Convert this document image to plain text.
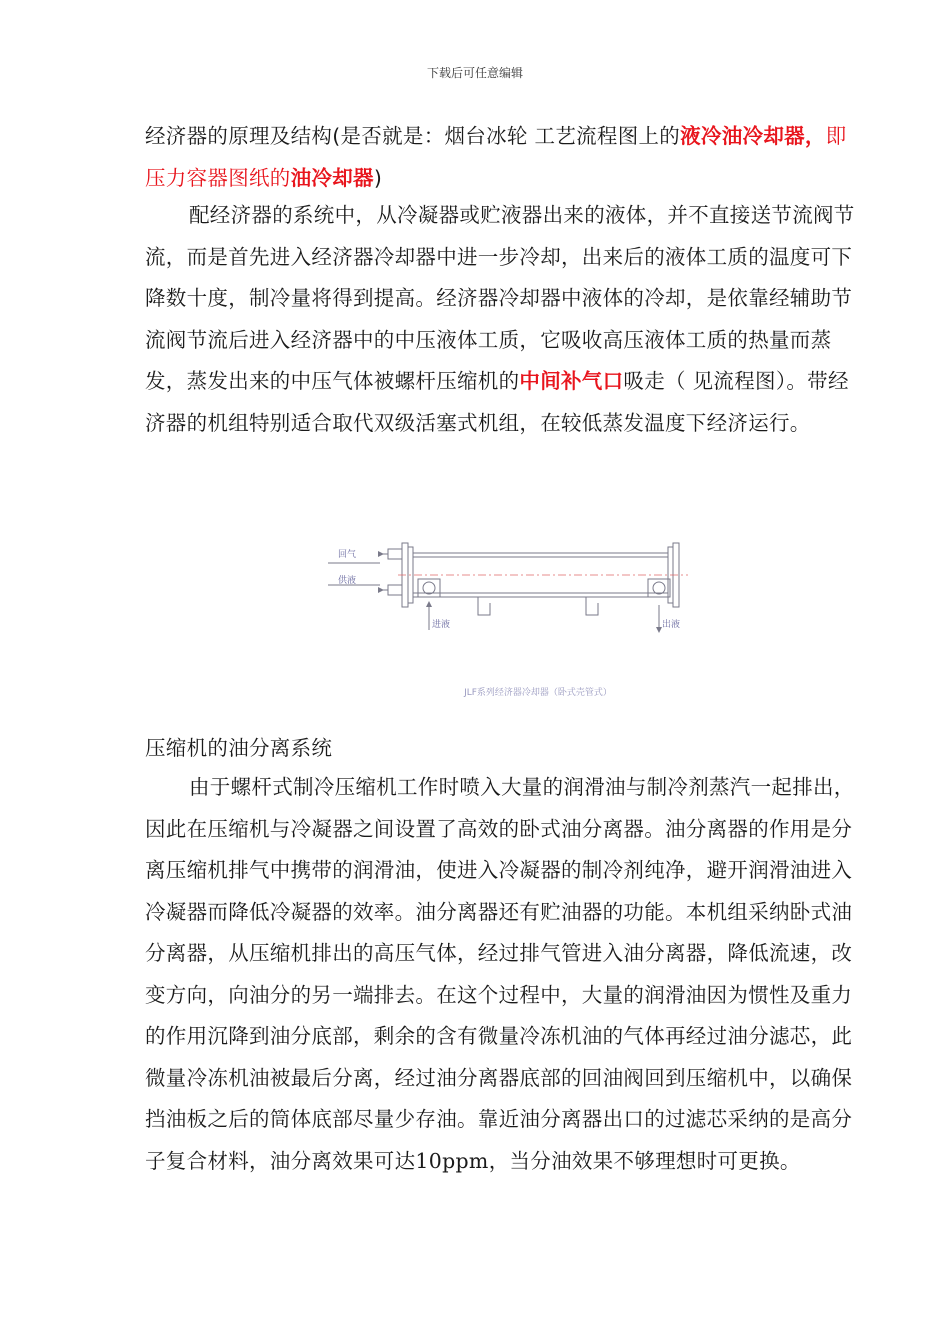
下载后可任意编辑
经济器的原理及结构(是否就是：烟台冰轮 工艺流程图上的液冷油冷却器，即压力容器图纸的油冷却器)

配经济器的系统中，从冷凝器或贮液器出来的液体，并不直接送节流阀节流，而是首先进入经济器冷却器中进一步冷却，出来后的液体工质的温度可下降数十度，制冷量将得到提高。经济器冷却器中液体的冷却，是依靠经辅助节流阀节流后进入经济器中的中压液体工质，它吸收高压液体工质的热量而蒸发，蒸发出来的中压气体被螺杆压缩机的中间补气口吸走（ 见流程图）。带经济器的机组特别适合取代双级活塞式机组，在较低蒸发温度下经济运行。

回气
供液
进液	出液
JLF系列经济器冷却器（卧式壳管式）
压缩机的油分离系统

由于螺杆式制冷压缩机工作时喷入大量的润滑油与制冷剂蒸汽一起排出，因此在压缩机与冷凝器之间设置了高效的卧式油分离器。油分离器的作用是分离压缩机排气中携带的润滑油，使进入冷凝器的制冷剂纯净，避开润滑油进入冷凝器而降低冷凝器的效率。油分离器还有贮油器的功能。本机组采纳卧式油分离器，从压缩机排出的高压气体，经过排气管进入油分离器，降低流速，改变方向，向油分的另一端排去。在这个过程中，大量的润滑油因为惯性及重力的作用沉降到油分底部，剩余的含有微量冷冻机油的气体再经过油分滤芯，此微量冷冻机油被最后分离，经过油分离器底部的回油阀回到压缩机中，以确保挡油板之后的筒体底部尽量少存油。靠近油分离器出口的过滤芯采纳的是高分子复合材料，油分离效果可达10ppm，当分油效果不够理想时可更换。
